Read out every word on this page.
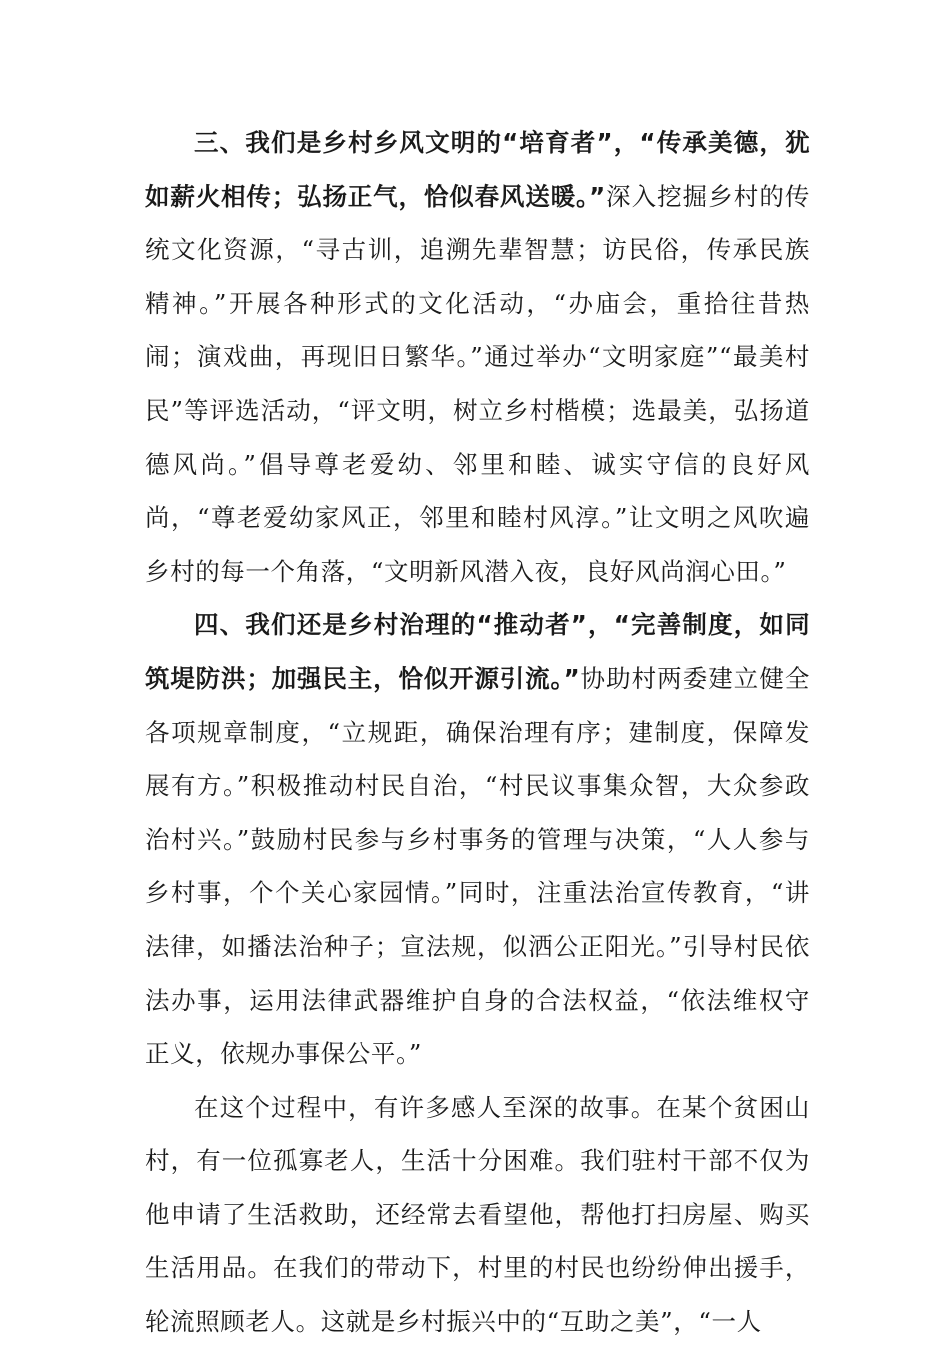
三、我们是乡村乡风文明的“培育者”，“传承美德，犹如薪火相传；弘扬正气，恰似春风送暖。”深入挖掘乡村的传统文化资源，“寻古训，追溯先辈智慧；访民俗，传承民族精神。”开展各种形式的文化活动，“办庙会，重拾往昔热闹；演戏曲，再现旧日繁华。”通过举办“文明家庭”“最美村民”等评选活动，“评文明，树立乡村楷模；选最美，弘扬道德风尚。”倡导尊老爱幼、邻里和睦、诚实守信的良好风尚，“尊老爱幼家风正，邻里和睦村风淳。”让文明之风吹遍乡村的每一个角落，“文明新风潜入夜，良好风尚润心田。”

四、我们还是乡村治理的“推动者”，“完善制度，如同筑堤防洪；加强民主，恰似开源引流。”协助村两委建立健全各项规章制度，“立规距，确保治理有序；建制度，保障发展有方。”积极推动村民自治，“村民议事集众智，大众参政治村兴。”鼓励村民参与乡村事务的管理与决策，“人人参与乡村事，个个关心家园情。”同时，注重法治宣传教育，“讲法律，如播法治种子；宣法规，似洒公正阳光。”引导村民依法办事，运用法律武器维护自身的合法权益，“依法维权守正义，依规办事保公平。”

在这个过程中，有许多感人至深的故事。在某个贫困山村，有一位孤寡老人，生活十分困难。我们驻村干部不仅为他申请了生活救助，还经常去看望他，帮他打扫房屋、购买生活用品。在我们的带动下，村里的村民也纷纷伸出援手，轮流照顾老人。这就是乡村振兴中的“互助之美”，“一人
